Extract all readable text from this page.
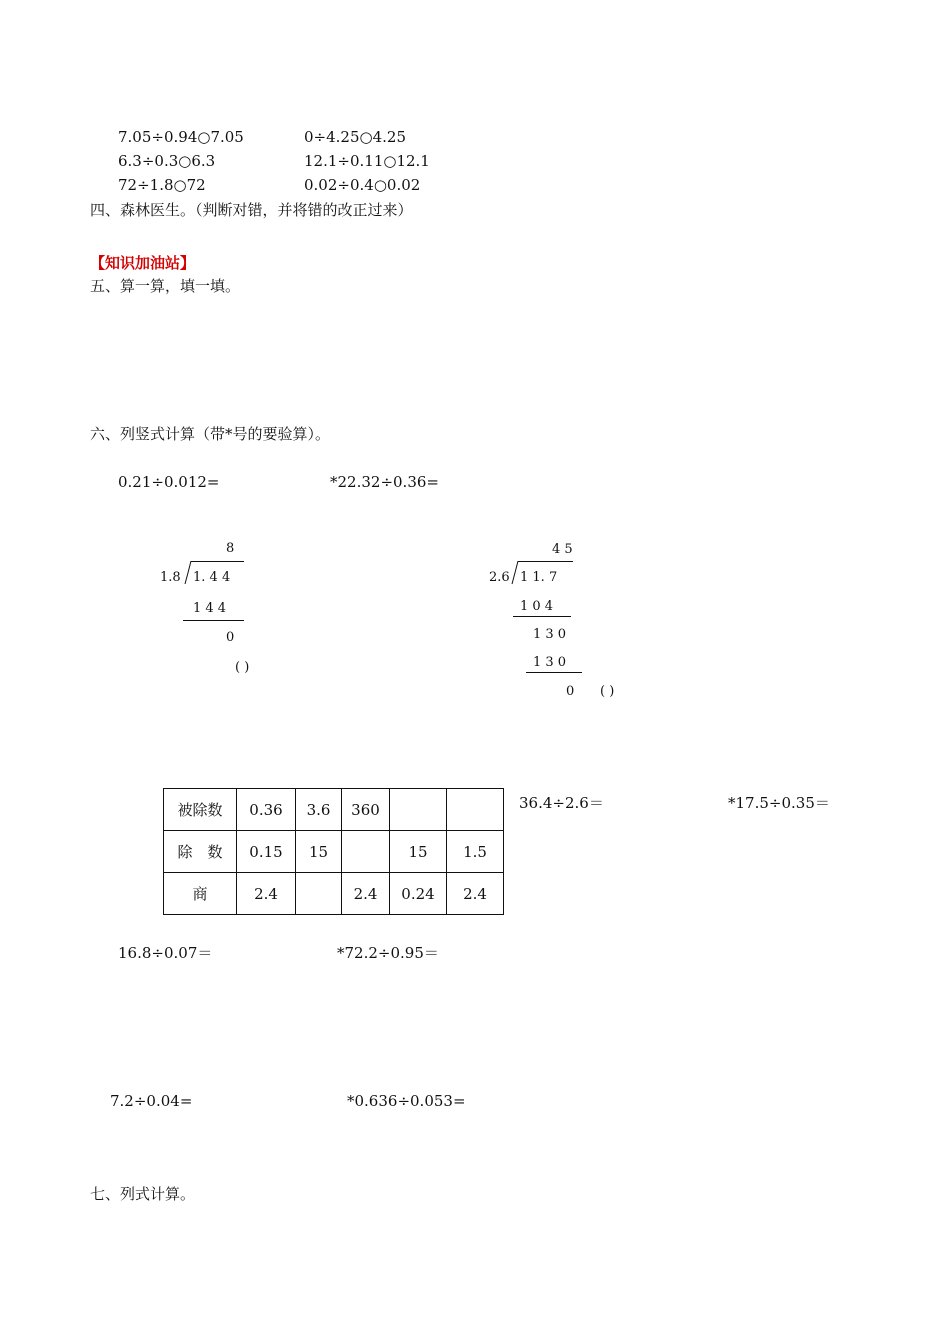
7.05÷0.94○7.05	0÷4.25○4.25
6.3÷0.3○6.3	12.1÷0.11○12.1
72÷1.8○72	0.02÷0.4○0.02
四、森林医生。（判断对错，并将错的改正过来）
【知识加油站】
五、算一算，填一填。
六、列竖式计算（带*号的要验算）。
0.21÷0.012=	*22.32÷0.36=
8
1.8 1. 4 4
1 4 4
0
( )
4 5
2.6 1 1. 7
1 0 4
1 3 0
1 3 0
0 ( )
被除数	0.36	3.6	360		
除　数	0.15	15		15	1.5
商	2.4		2.4	0.24	2.4
36.4÷2.6＝	*17.5÷0.35＝
16.8÷0.07＝	*72.2÷0.95＝
7.2÷0.04=	*0.636÷0.053=
七、列式计算。
